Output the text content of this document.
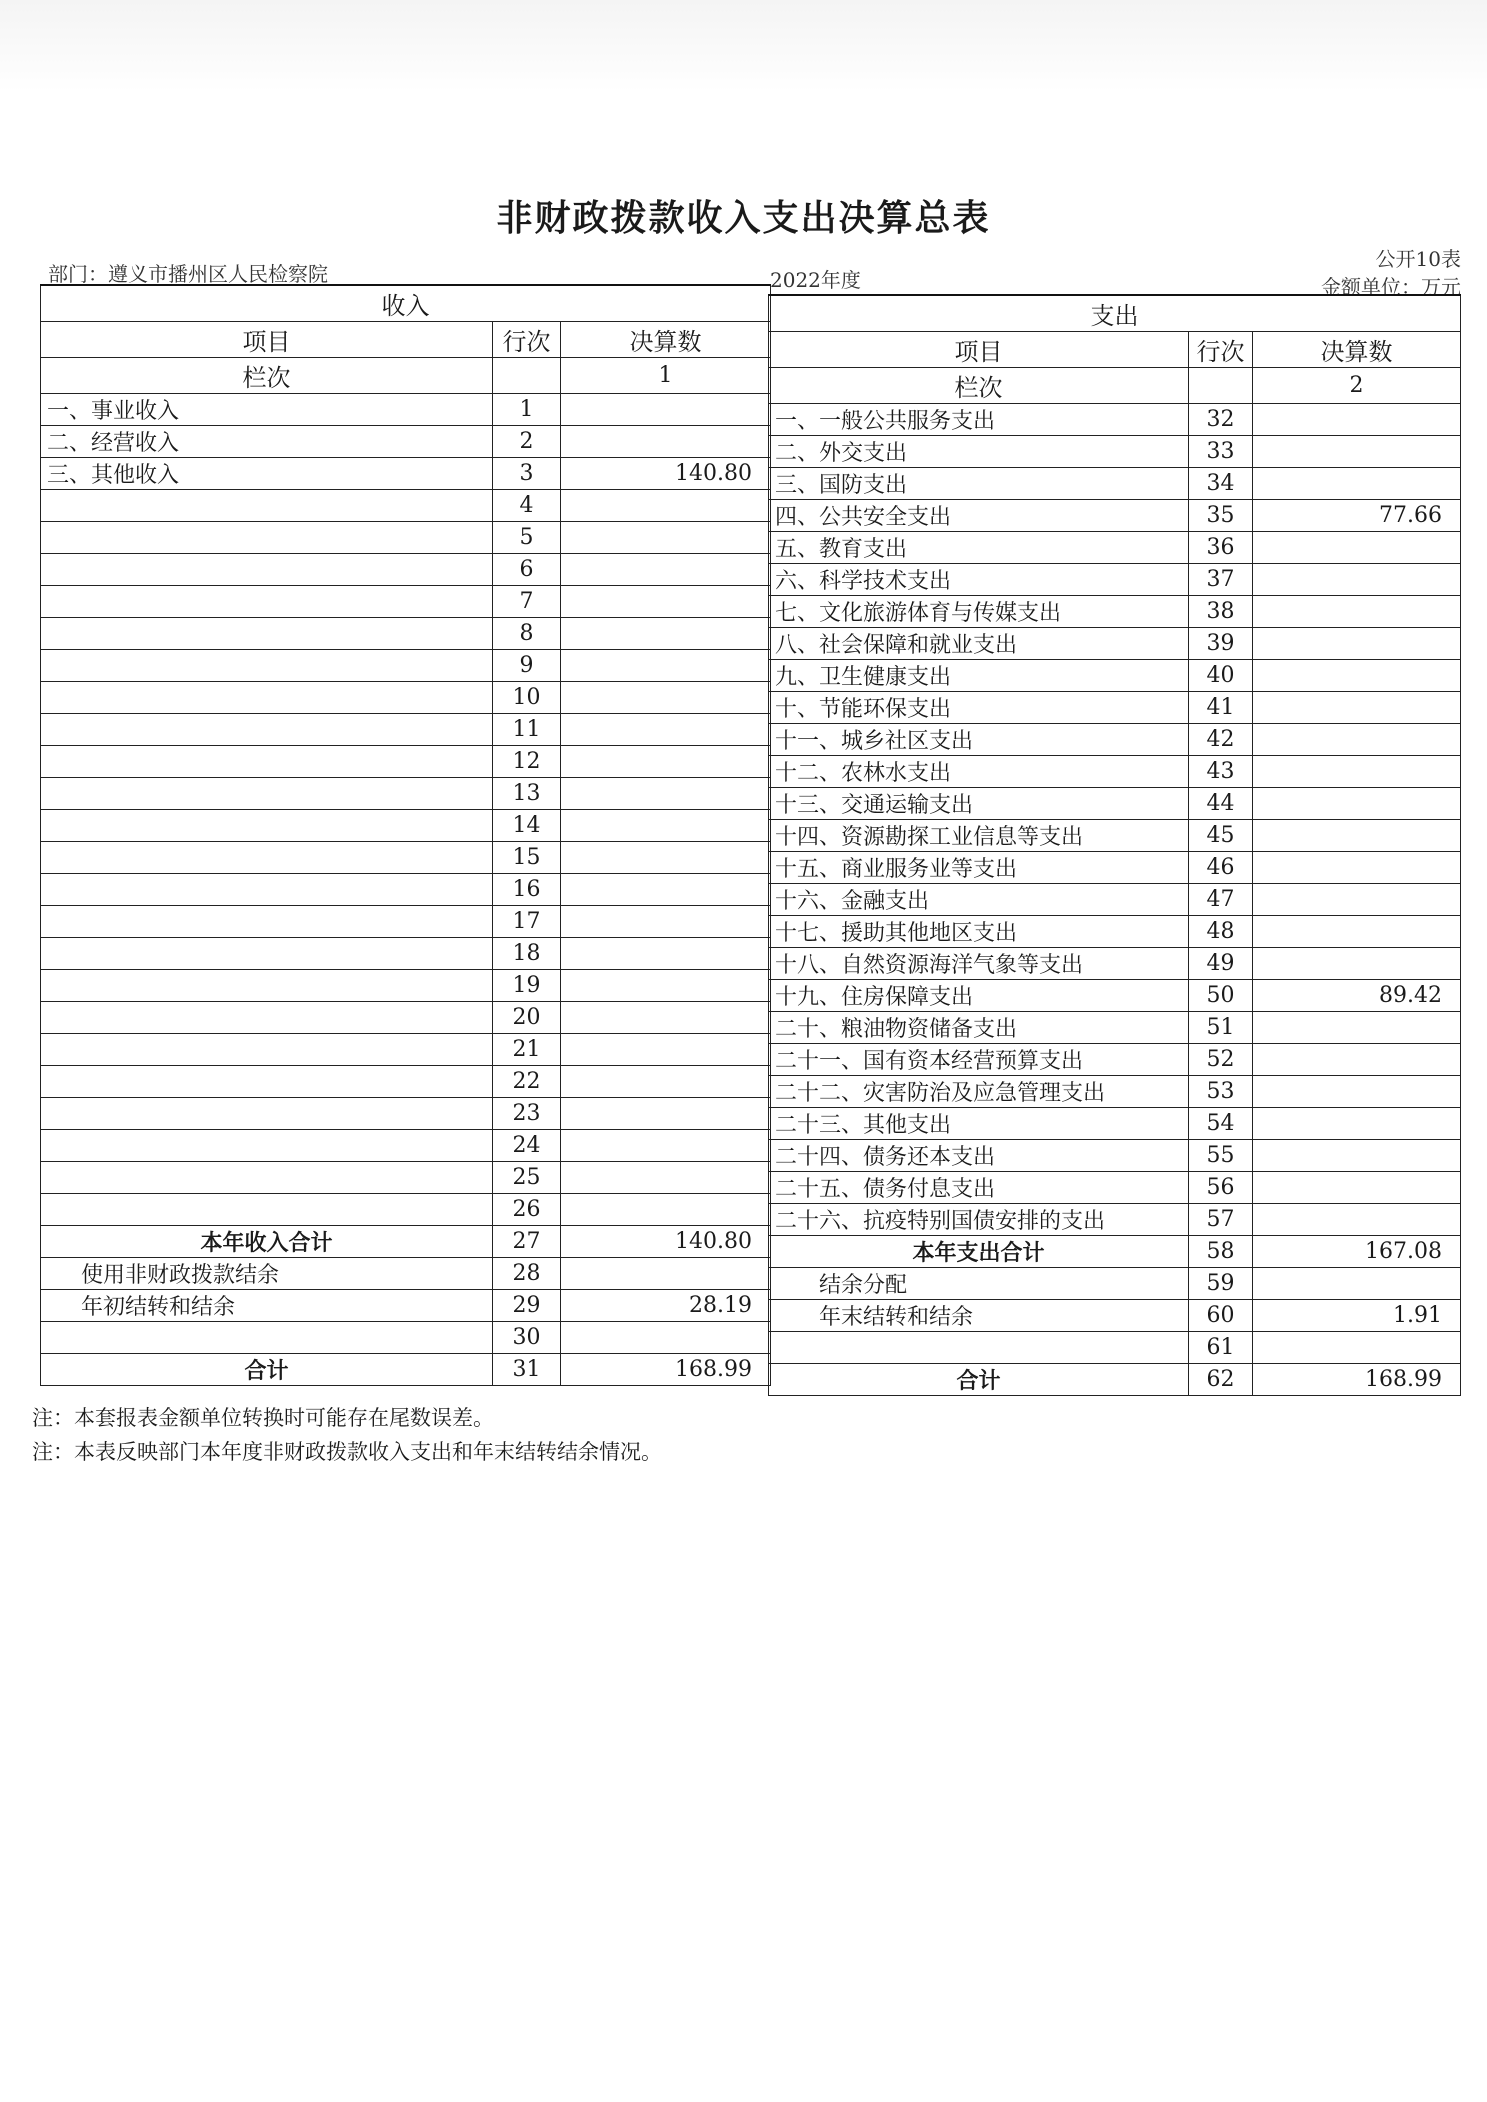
非财政拨款收入支出决算总表
公开10表
部门：遵义市播州区人民检察院	2022年度	金额单位：万元
收入		
项目	行次	决算数
栏次		1
一、事业收入	1	
二、经营收入	2	
三、其他收入	3	140.80
	4	
	5	
	6	
	7	
	8	
	9	
	10	
	11	
	12	
	13	
	14	
	15	
	16	
	17	
	18	
	19	
	20	
	21	
	22	
	23	
	24	
	25	
	26	
本年收入合计	27	140.80
使用非财政拨款结余	28	
年初结转和结余	29	28.19
	30	
合计	31	168.99
支出		
项目	行次	决算数
栏次		2
一、一般公共服务支出	32	
二、外交支出	33	
三、国防支出	34	
四、公共安全支出	35	77.66
五、教育支出	36	
六、科学技术支出	37	
七、文化旅游体育与传媒支出	38	
八、社会保障和就业支出	39	
九、卫生健康支出	40	
十、节能环保支出	41	
十一、城乡社区支出	42	
十二、农林水支出	43	
十三、交通运输支出	44	
十四、资源勘探工业信息等支出	45	
十五、商业服务业等支出	46	
十六、金融支出	47	
十七、援助其他地区支出	48	
十八、自然资源海洋气象等支出	49	
十九、住房保障支出	50	89.42
二十、粮油物资储备支出	51	
二十一、国有资本经营预算支出	52	
二十二、灾害防治及应急管理支出	53	
二十三、其他支出	54	
二十四、债务还本支出	55	
二十五、债务付息支出	56	
二十六、抗疫特别国债安排的支出	57	
本年支出合计	58	167.08
结余分配	59	
年末结转和结余	60	1.91
	61	
合计	62	168.99
注：本套报表金额单位转换时可能存在尾数误差。
注：本表反映部门本年度非财政拨款收入支出和年末结转结余情况。
